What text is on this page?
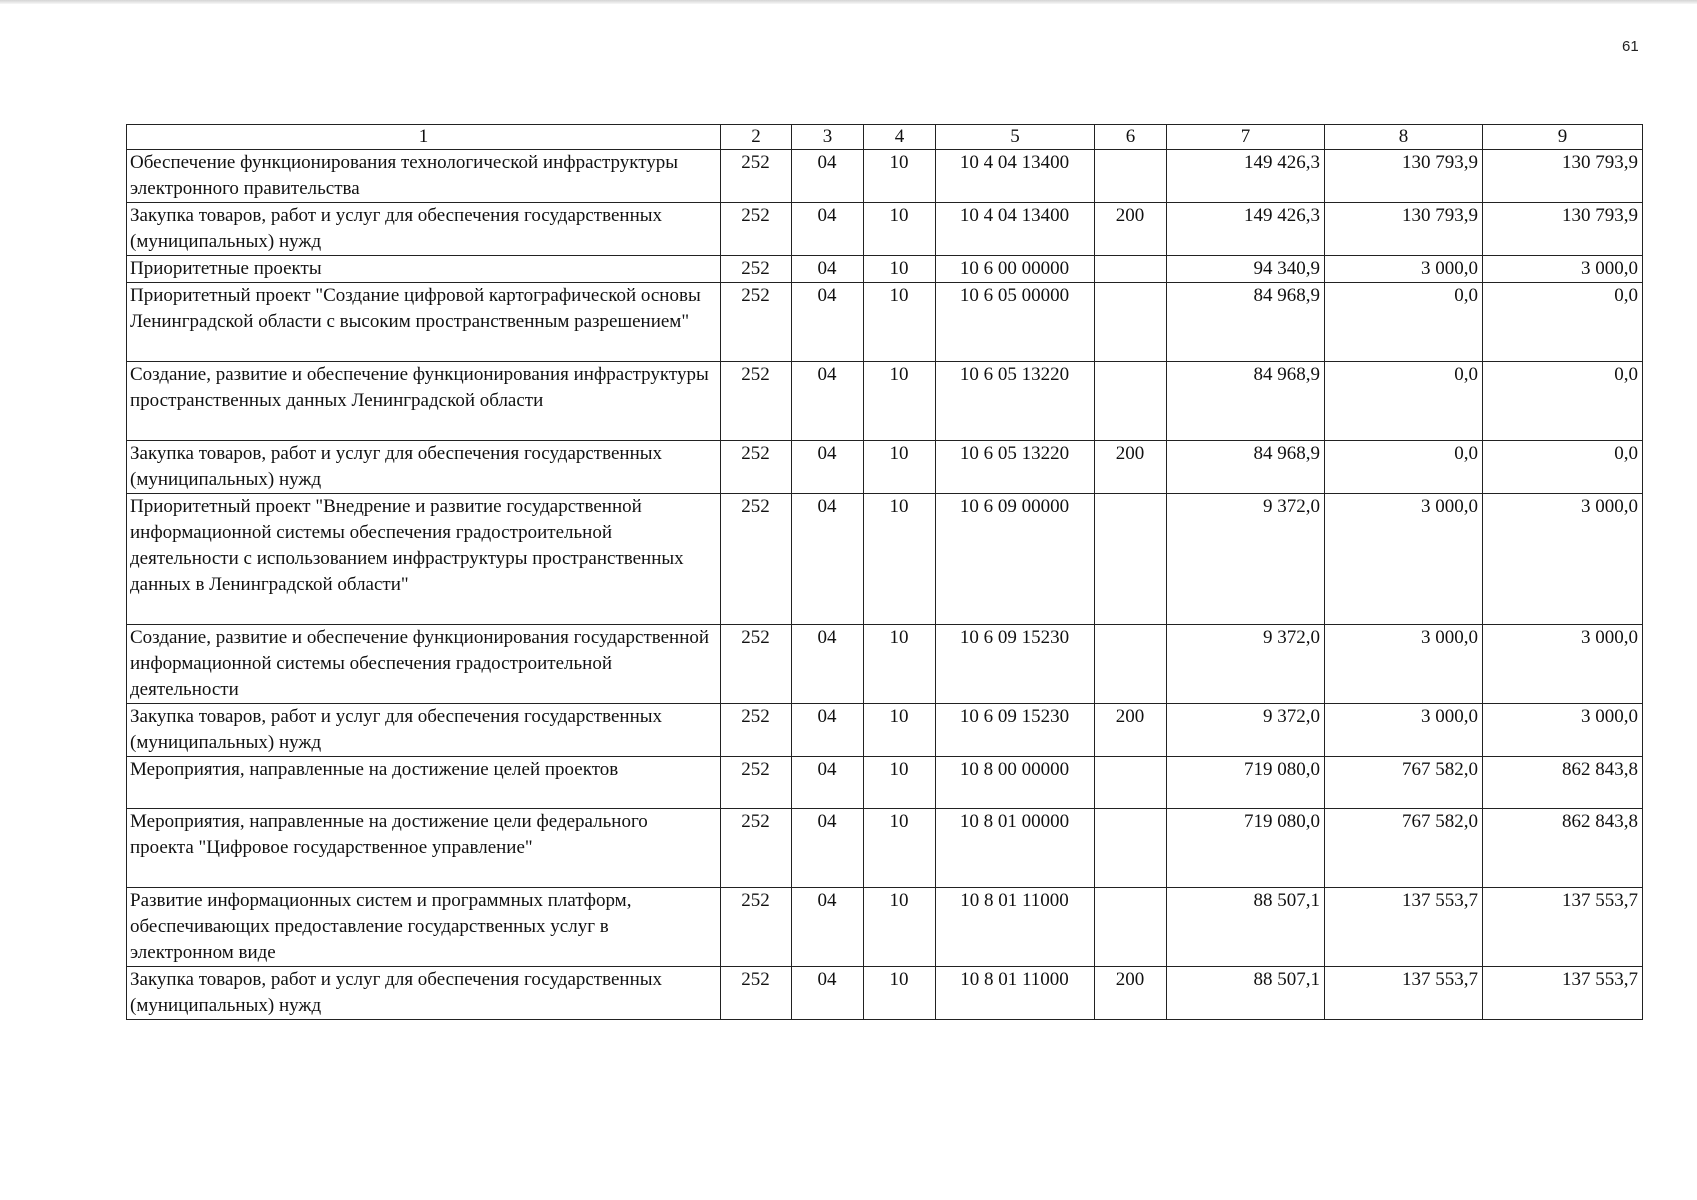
61
1	2	3	4	5	6	7	8	9
Обеспечение функционирования технологической инфраструктуры электронного правительства	252	04	10	10 4 04 13400		149 426,3	130 793,9	130 793,9
Закупка товаров, работ и услуг для обеспечения государственных (муниципальных) нужд	252	04	10	10 4 04 13400	200	149 426,3	130 793,9	130 793,9
Приоритетные проекты	252	04	10	10 6 00 00000		94 340,9	3 000,0	3 000,0
Приоритетный проект "Создание цифровой картографической основы Ленинградской области с высоким пространственным разрешением"	252	04	10	10 6 05 00000		84 968,9	0,0	0,0
Создание, развитие и обеспечение функционирования инфраструктуры пространственных данных Ленинградской области	252	04	10	10 6 05 13220		84 968,9	0,0	0,0
Закупка товаров, работ и услуг для обеспечения государственных (муниципальных) нужд	252	04	10	10 6 05 13220	200	84 968,9	0,0	0,0
Приоритетный проект "Внедрение и развитие государственной информационной системы обеспечения градостроительной деятельности с использованием инфраструктуры пространственных данных в Ленинградской области"	252	04	10	10 6 09 00000		9 372,0	3 000,0	3 000,0
Создание, развитие и обеспечение функционирования государственной информационной системы обеспечения градостроительной деятельности	252	04	10	10 6 09 15230		9 372,0	3 000,0	3 000,0
Закупка товаров, работ и услуг для обеспечения государственных (муниципальных) нужд	252	04	10	10 6 09 15230	200	9 372,0	3 000,0	3 000,0
Мероприятия, направленные на достижение целей проектов	252	04	10	10 8 00 00000		719 080,0	767 582,0	862 843,8
Мероприятия, направленные на достижение цели федерального проекта "Цифровое государственное управление"	252	04	10	10 8 01 00000		719 080,0	767 582,0	862 843,8
Развитие информационных систем и программных платформ, обеспечивающих предоставление государственных услуг в электронном виде	252	04	10	10 8 01 11000		88 507,1	137 553,7	137 553,7
Закупка товаров, работ и услуг для обеспечения государственных (муниципальных) нужд	252	04	10	10 8 01 11000	200	88 507,1	137 553,7	137 553,7
